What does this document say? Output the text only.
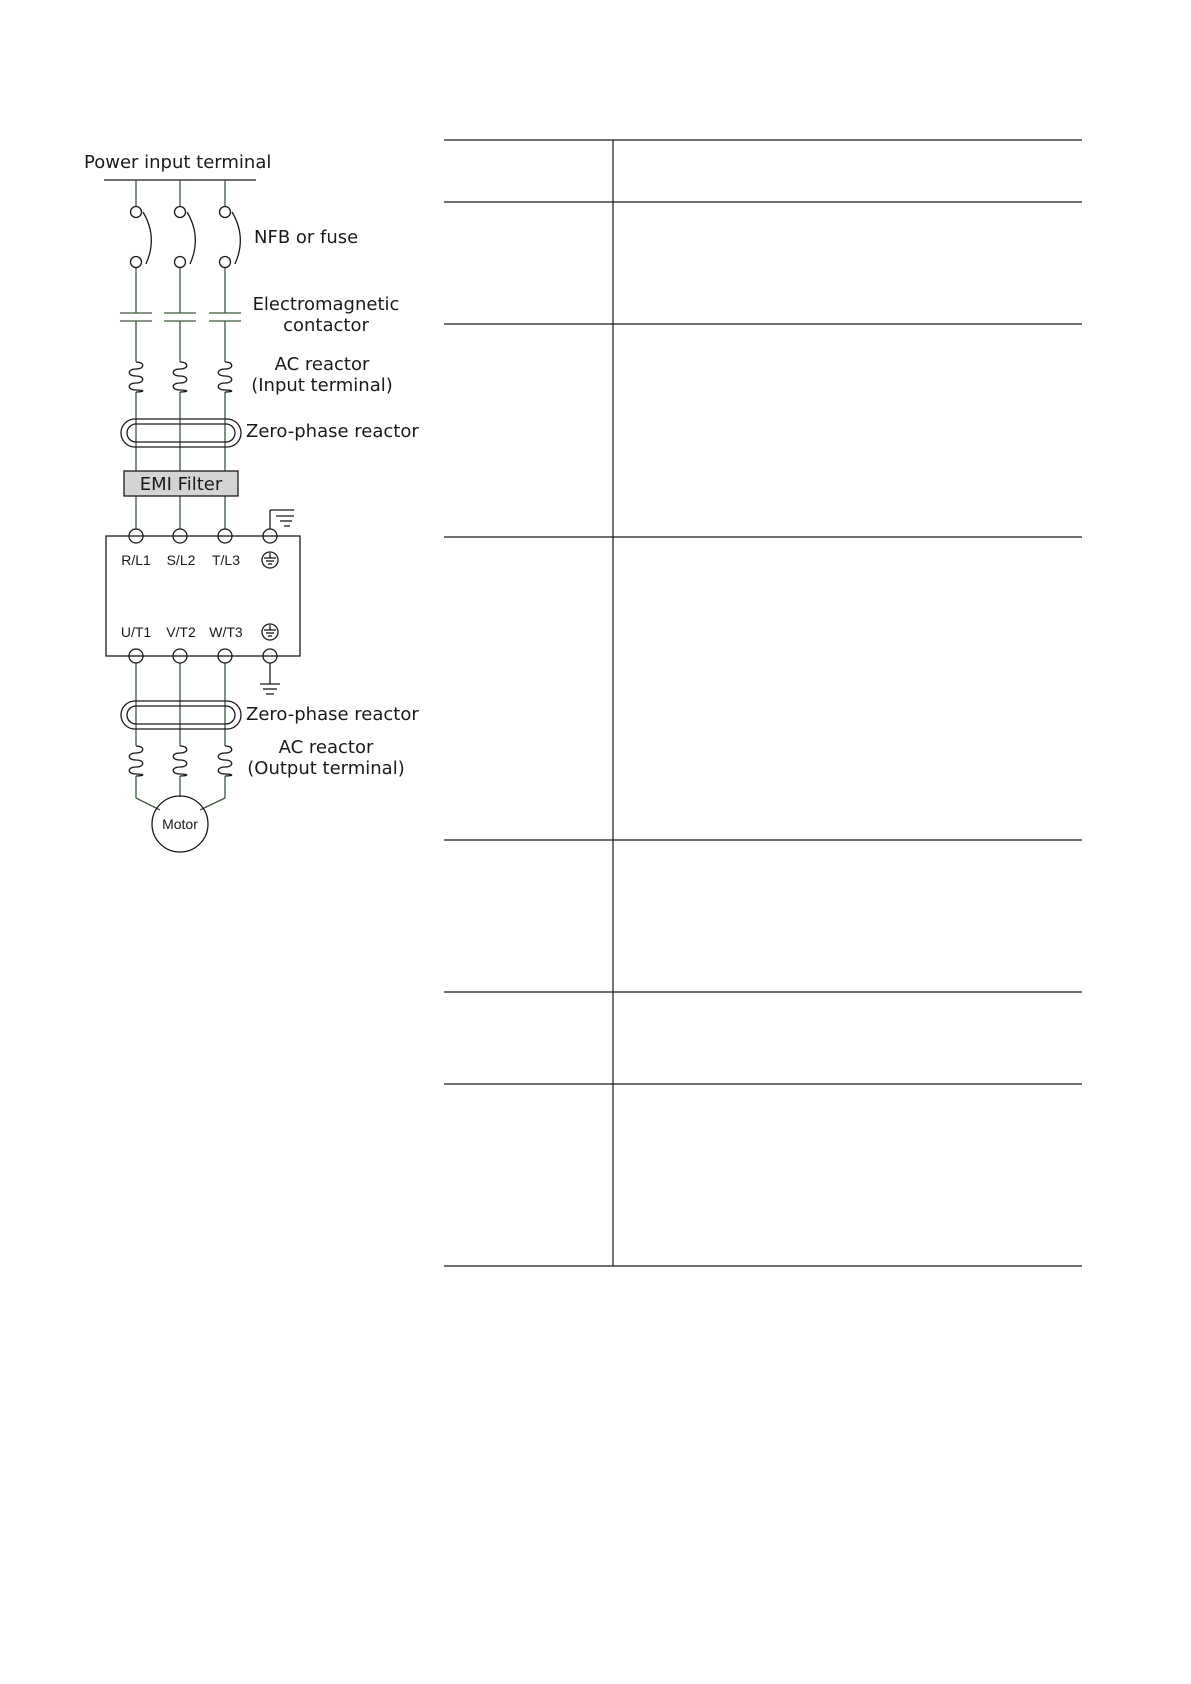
Power input terminal
NFB or fuse
Electromagnetic
contactor
AC reactor
(Input terminal)
Zero-phase reactor
Zero-phase reactor
AC reactor
(Output terminal)
EMI Filter
R/L1 S/L2 T/L3
U/T1 V/T2 W/T3
Motor
